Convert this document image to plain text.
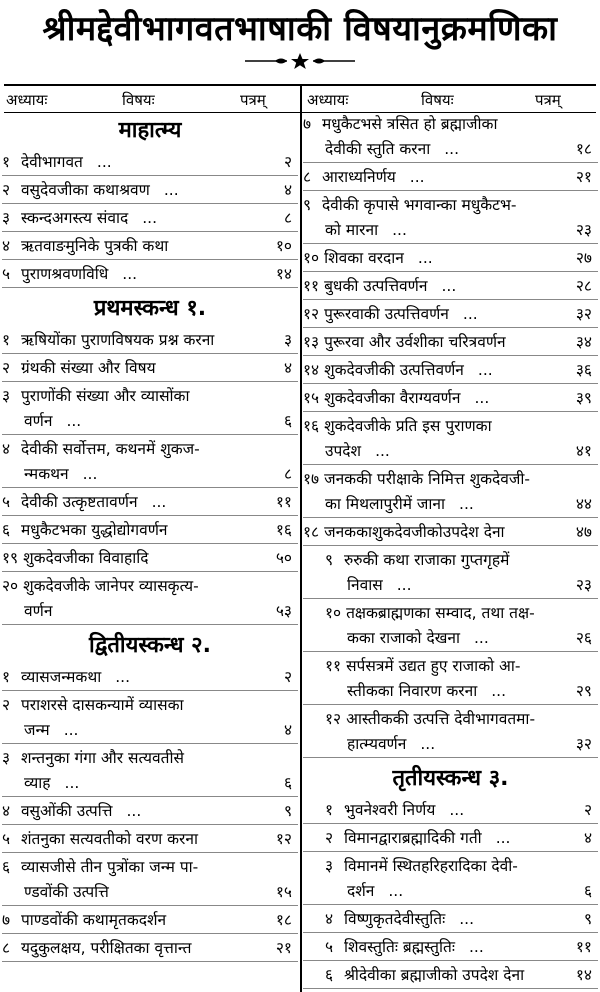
श्रीमद्देवीभागवतभाषाकी विषयानुक्रमणिका
अध्यायः	विषयः	पत्रम्
माहात्म्य
१ देवीभागवत ...	२
२ वसुदेवजीका कथाश्रवण ...	४
३ स्कन्दअगस्त्य संवाद ...	८
४ ऋतवाङमुनिके पुत्रकी कथा	१०
५ पुराणश्रवणविधि ...	१४
प्रथमस्कन्ध १.
१ ऋषियोंका पुराणविषयक प्रश्न करना	३
२ ग्रंथकी संख्या और विषय	४
३ पुराणोंकी संख्या और व्यासोंका
वर्णन ...	६
४ देवीकी सर्वोत्तम, कथनमें शुकज-
न्मकथन ...	८
५ देवीकी उत्कृष्टतावर्णन ...	११
६ मधुकैटभका युद्धोद्योगवर्णन	१६
१९ शुकदेवजीका विवाहादि	५०
२० शुकदेवजीके जानेपर व्यासकृत्य-
वर्णन	५३
द्वितीयस्कन्ध २.
१ व्यासजन्मकथा ...	२
२ पराशरसे दासकन्यामें व्यासका
जन्म ...	४
३ शन्तनुका गंगा और सत्यवतीसे
व्याह ...	६
४ वसुओंकी उत्पत्ति ...	९
५ शंतनुका सत्यवतीको वरण करना	१२
६ व्यासजीसे तीन पुत्रोंका जन्म पा-
ण्डवोंकी उत्पत्ति	१५
७ पाण्डवोंकी कथामृतकदर्शन	१८
८ यदुकुलक्षय, परीक्षितका वृत्तान्त	२१
अध्यायः	विषयः	पत्रम्
७ मधुकैटभसे त्रसित हो ब्रह्माजीका
देवीकी स्तुति करना ...	१८
८ आराध्यनिर्णय ...	२१
९ देवीकी कृपासे भगवान्का मधुकैटभ-
को मारना ...	२३
१० शिवका वरदान ...	२७
११ बुधकी उत्पत्तिवर्णन ...	२८
१२ पुरूरवाकी उत्पत्तिवर्णन ...	३२
१३ पुरूरवा और उर्वशीका चरित्रवर्णन	३४
१४ शुकदेवजीकी उत्पत्तिवर्णन ...	३६
१५ शुकदेवजीका वैराग्यवर्णन ...	३९
१६ शुकदेवजीके प्रति इस पुराणका
उपदेश ...	४१
१७ जनककी परीक्षाके निमित्त शुकदेवजी-
का मिथलापुरीमें जाना ...	४४
१८ जनककाशुकदेवजीकोउपदेश देना	४७
९ रुरुकी कथा राजाका गुप्तगृहमें
निवास ...	२३
१० तक्षकब्राह्मणका सम्वाद, तथा तक्ष-
कका राजाको देखना ...	२६
११ सर्पसत्रमें उद्यत हुए राजाको आ-
स्तीकका निवारण करना ...	२९
१२ आस्तीककी उत्पत्ति देवीभागवतमा-
हात्म्यवर्णन ...	३२
तृतीयस्कन्ध ३.
१ भुवनेश्वरी निर्णय ...	२
२ विमानद्वाराब्रह्मादिकी गती ...	४
३ विमानमें स्थितहरिहरादिका देवी-
दर्शन ...	६
४ विष्णुकृतदेवीस्तुतिः ...	९
५ शिवस्तुतिः ब्रह्मस्तुतिः ...	११
६ श्रीदेवीका ब्रह्माजीको उपदेश देना	१४
